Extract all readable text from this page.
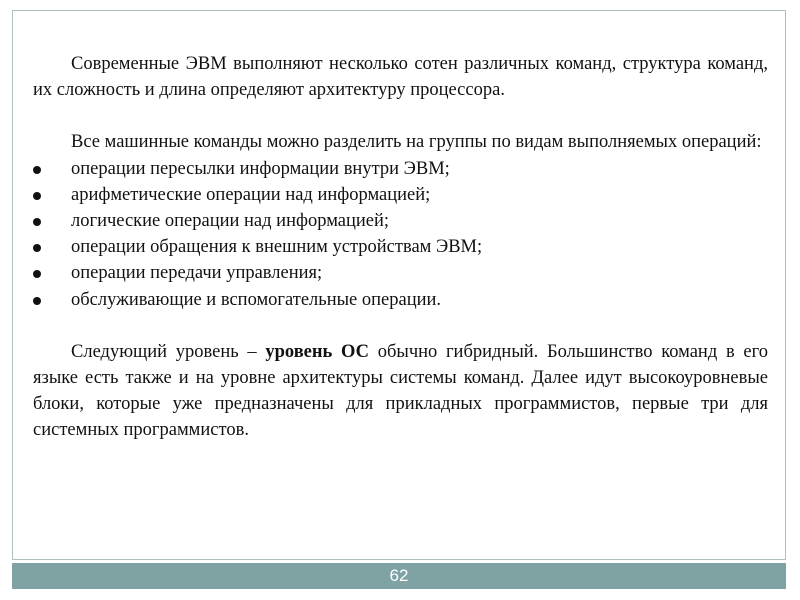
Современные ЭВМ выполняют несколько сотен различных команд, структура команд, их сложность и длина определяют архитектуру процессора.

Все машинные команды можно разделить на группы по видам выполняемых операций:

операции пересылки информации внутри ЭВМ;
арифметические операции над информацией;
логические операции над информацией;
операции обращения к внешним устройствам ЭВМ;
операции передачи управления;
обслуживающие и вспомогательные операции.

Следующий уровень – уровень ОС обычно гибридный. Большинство команд в его языке есть также и на уровне архитектуры системы команд. Далее идут высокоуровневые блоки, которые уже предназначены для прикладных программистов, первые три для системных программистов.

62
